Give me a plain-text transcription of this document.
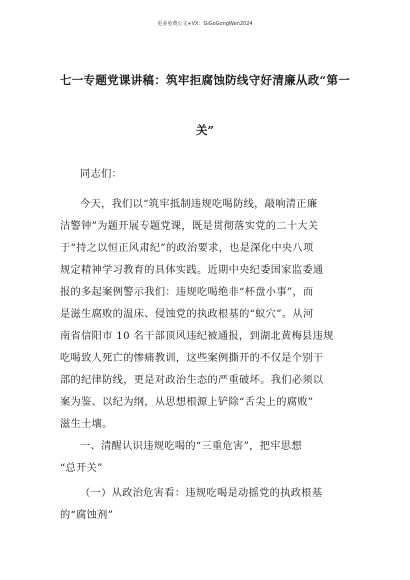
更多免费公文+VX：GiGoGongWen2024
七一专题党课讲稿：筑牢拒腐蚀防线守好清廉从政“第一
关”
同志们：
今天，我们以“筑牢抵制违规吃喝防线，敲响清正廉
洁警钟”为题开展专题党课，既是贯彻落实党的二十大关
于“持之以恒正风肃纪”的政治要求，也是深化中央八项
规定精神学习教育的具体实践。近期中央纪委国家监委通
报的多起案例警示我们：违规吃喝绝非“杯盘小事”，而
是滋生腐败的温床、侵蚀党的执政根基的“蚁穴”。从河
南省信阳市 10 名干部顶风违纪被通报，到湖北黄梅县违规
吃喝致人死亡的惨痛教训，这些案例撕开的不仅是个别干
部的纪律防线，更是对政治生态的严重破坏。我们必须以
案为鉴、以纪为纲，从思想根源上铲除“舌尖上的腐败”
滋生土壤。
一、清醒认识违规吃喝的“三重危害”，把牢思想
“总开关”
（一）从政治危害看：违规吃喝是动摇党的执政根基
的“腐蚀剂”
